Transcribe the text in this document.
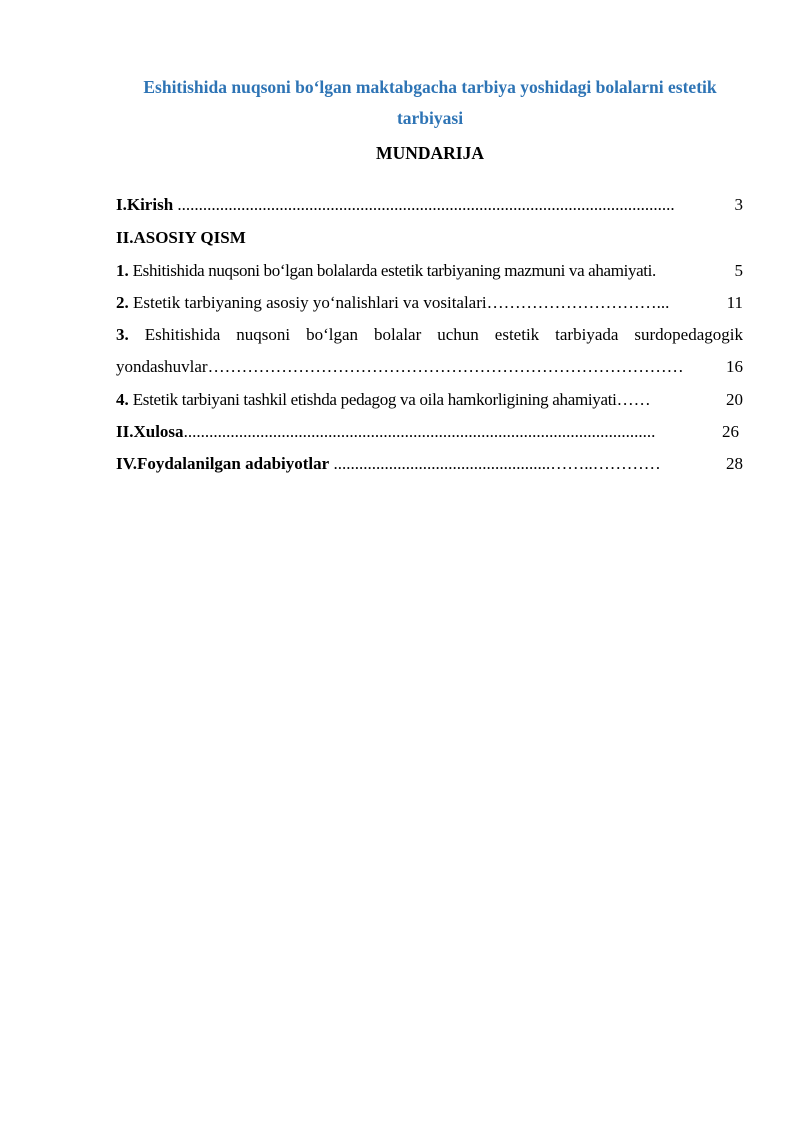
Eshitishida nuqsoni bo‘lgan maktabgacha tarbiya yoshidagi bolalarni estetik
tarbiyasi
MUNDARIJA
I.Kirish .....................................................................................................................	3
II.ASOSIY QISM
1. Eshitishida nuqsoni bo‘lgan bolalarda estetik tarbiyaning mazmuni va ahamiyati.	5
2. Estetik tarbiyaning asosiy yo‘nalishlari va vositalari…………………………...	11
3. Eshitishida nuqsoni bo‘lgan bolalar uchun estetik tarbiyada surdopedagogik
yondashuvlar………………………………………………………………………… 16
4. Estetik tarbiyani tashkil etishda pedagog va oila hamkorligining ahamiyati……	20
II.Xulosa...............................................................................................................	26
IV.Foydalanilgan adabiyotlar ...................................................……..…………	28
